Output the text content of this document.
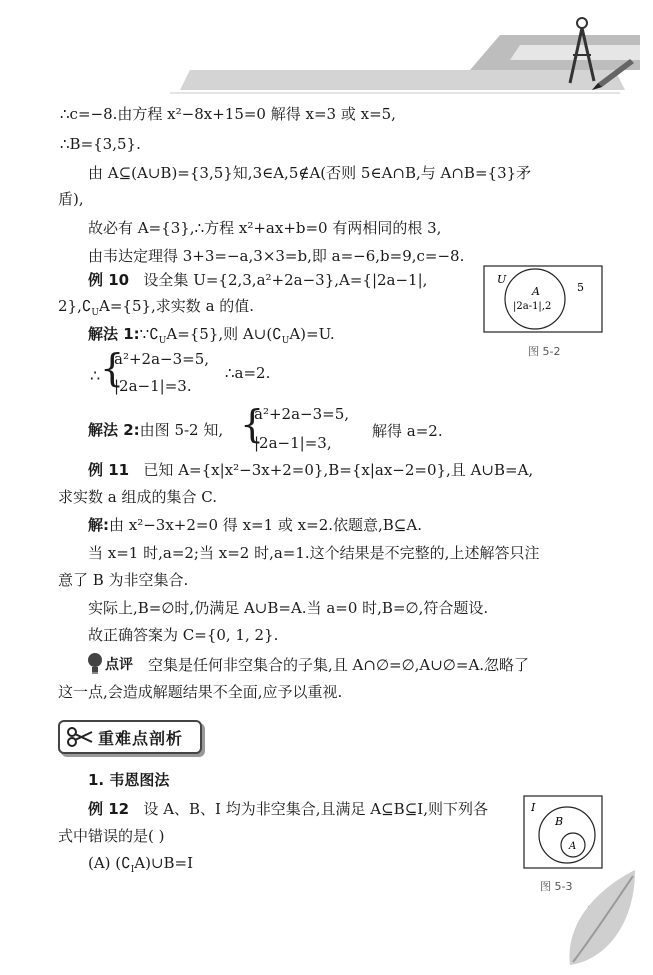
∴c=−8.由方程 x²−8x+15=0 解得 x=3 或 x=5,
∴B={3,5}.
由 A⊆(A∪B)={3,5}知,3∈A,5∉A(否则 5∈A∩B,与 A∩B={3}矛
盾),
故必有 A={3},∴方程 x²+ax+b=0 有两相同的根 3,
由韦达定理得 3+3=−a,3×3=b,即 a=−6,b=9,c=−8.
例 10 设全集 U={2,3,a²+2a−3},A={|2a−1|,
$2\},∁_UA=\{5\}$,求实数 a 的值.
U
A
|2a-1|,2
5
图 5-2
解法 $1:\because∁_UA=\{5\}$,则 $A\cup(∁_UA)=U$.
∴ {
a²+2a−3=5,
|2a−1|=3.
∴a=2.
解法 2:由图 5-2 知, {
a²+2a−3=5,
|2a−1|=3,
解得 a=2.
例 11 已知 A={x|x²−3x+2=0},B={x|ax−2=0},且 A∪B=A,
求实数 a 组成的集合 C.
解:由 x²−3x+2=0 得 x=1 或 x=2.依题意,B⊆A.
当 x=1 时,a=2;当 x=2 时,a=1.这个结果是不完整的,上述解答只注
意了 B 为非空集合.
实际上,B=∅时,仍满足 A∪B=A.当 a=0 时,B=∅,符合题设.
故正确答案为 C={0, 1, 2}.
点评 空集是任何非空集合的子集,且 A∩∅=∅,A∪∅=A.忽略了
这一点,会造成解题结果不全面,应予以重视.
重难点剖析
1. 韦恩图法
例 12 设 A、B、I 均为非空集合,且满足 A⊆B⊆I,则下列各
式中错误的是( )
(A) $(∁_IA)\cup B=I$
I
B
A
图 5-3
